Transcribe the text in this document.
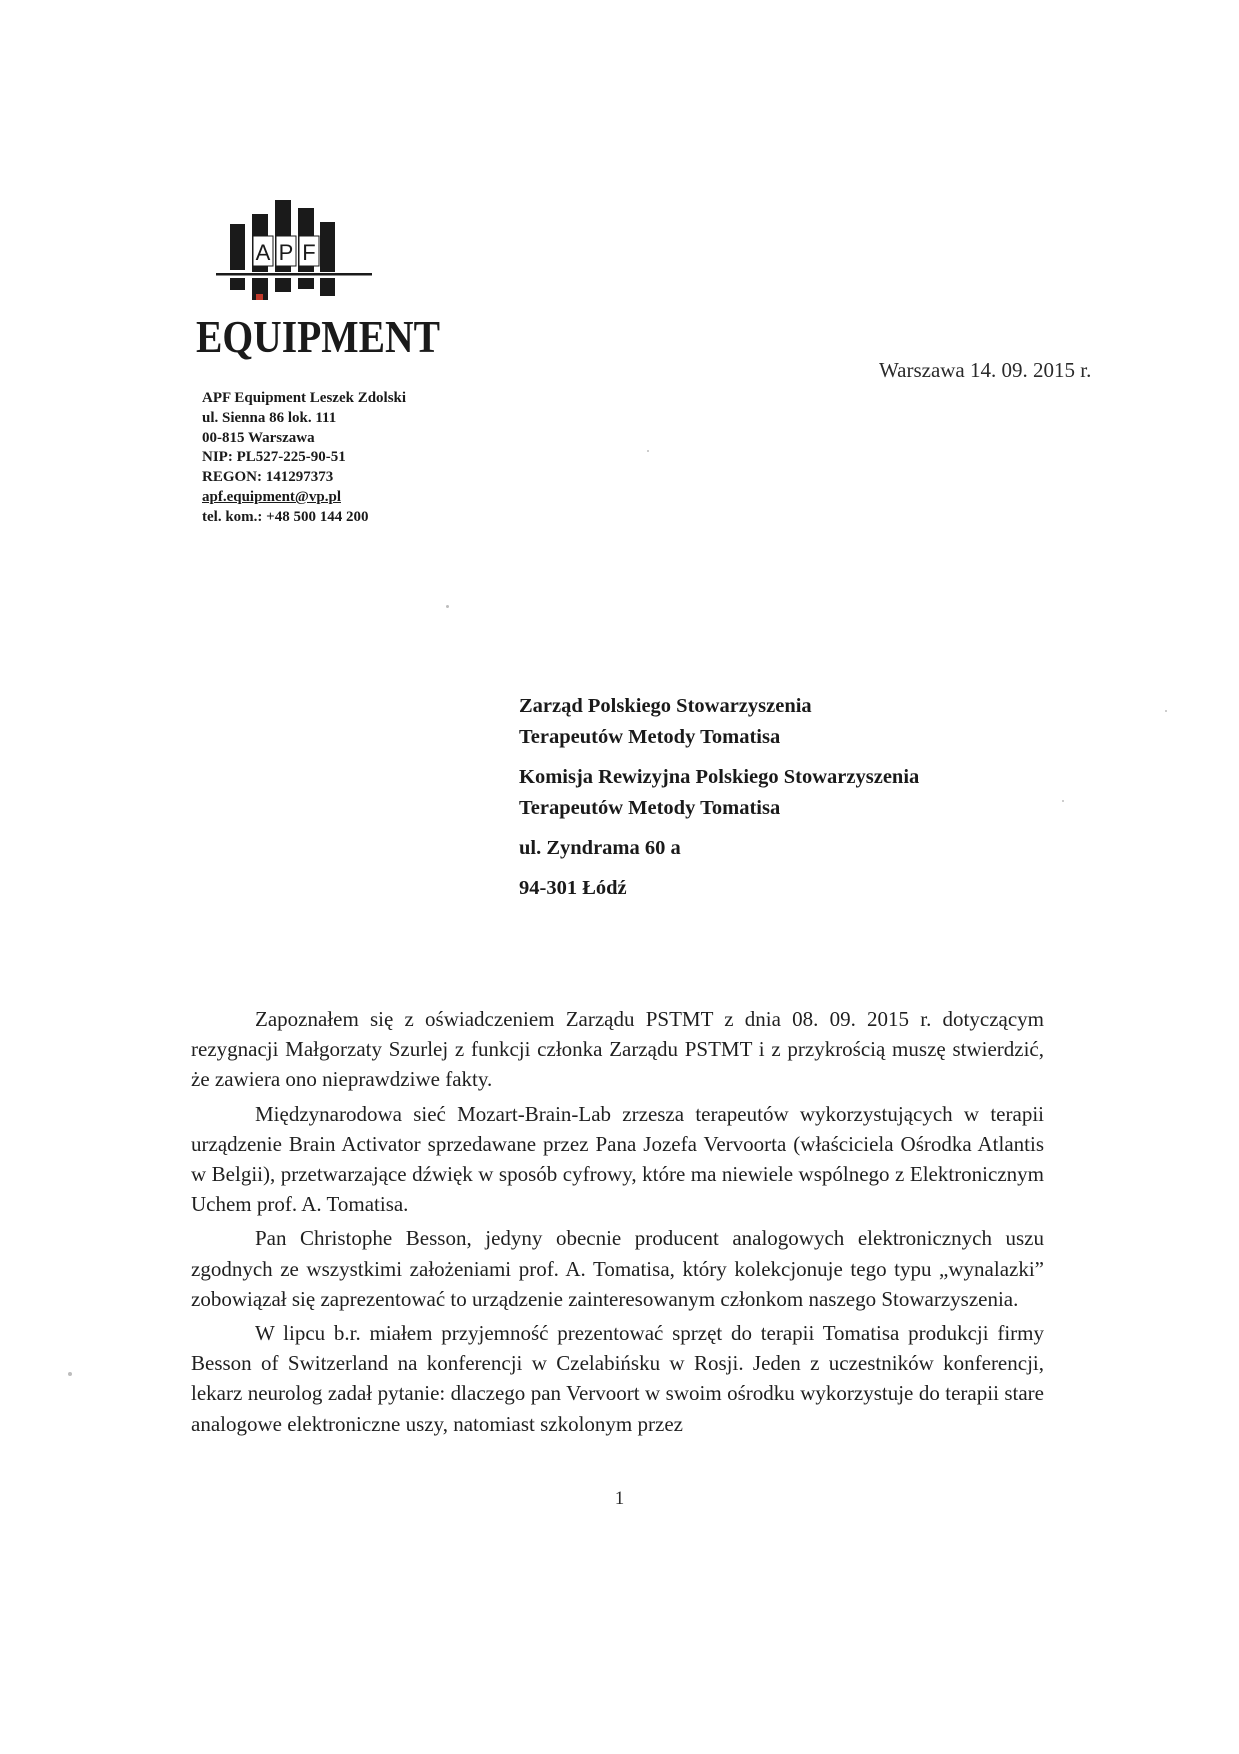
A P F
EQUIPMENT
APF Equipment Leszek Zdolski
ul. Sienna 86 lok. 111
00-815 Warszawa
NIP: PL527-225-90-51
REGON: 141297373
apf.equipment@vp.pl
tel. kom.: +48 500 144 200
Warszawa 14. 09. 2015 r.
Zarząd Polskiego Stowarzyszenia
Terapeutów Metody Tomatisa
Komisja Rewizyjna Polskiego Stowarzyszenia
Terapeutów Metody Tomatisa
ul. Zyndrama 60 a
94-301 Łódź

Zapoznałem się z oświadczeniem Zarządu PSTMT z dnia 08. 09. 2015 r. dotyczącym rezygnacji Małgorzaty Szurlej z funkcji członka Zarządu PSTMT i z przykrością muszę stwierdzić, że zawiera ono nieprawdziwe fakty.

Międzynarodowa sieć Mozart-Brain-Lab zrzesza terapeutów wykorzystujących w terapii urządzenie Brain Activator sprzedawane przez Pana Jozefa Vervoorta (właściciela Ośrodka Atlantis w Belgii), przetwarzające dźwięk w sposób cyfrowy, które ma niewiele wspólnego z Elektronicznym Uchem prof. A. Tomatisa.

Pan Christophe Besson, jedyny obecnie producent analogowych elektronicznych uszu zgodnych ze wszystkimi założeniami prof. A. Tomatisa, który kolekcjonuje tego typu „wynalazki” zobowiązał się zaprezentować to urządzenie zainteresowanym członkom naszego Stowarzyszenia.

W lipcu b.r. miałem przyjemność prezentować sprzęt do terapii Tomatisa produkcji firmy Besson of Switzerland na konferencji w Czelabińsku w Rosji. Jeden z uczestników konferencji, lekarz neurolog zadał pytanie: dlaczego pan Vervoort w swoim ośrodku wykorzystuje do terapii stare analogowe elektroniczne uszy, natomiast szkolonym przez

1
